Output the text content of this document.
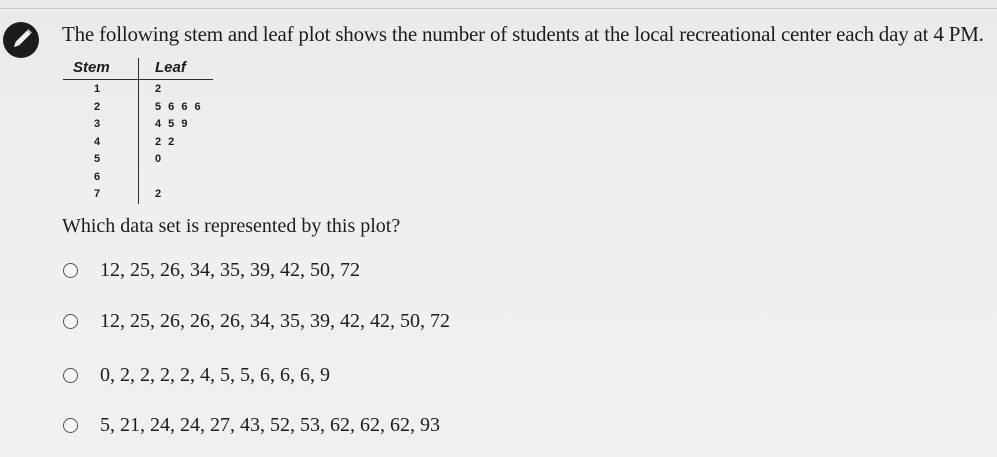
The following stem and leaf plot shows the number of students at the local recreational center each day at 4 PM.
Stem	Leaf
1	2
2	5 6 6 6
3	4 5 9
4	2 2
5	0
6
7	2
Which data set is represented by this plot?
12, 25, 26, 34, 35, 39, 42, 50, 72
12, 25, 26, 26, 26, 34, 35, 39, 42, 42, 50, 72
0, 2, 2, 2, 2, 4, 5, 5, 6, 6, 6, 9
5, 21, 24, 24, 27, 43, 52, 53, 62, 62, 62, 93
